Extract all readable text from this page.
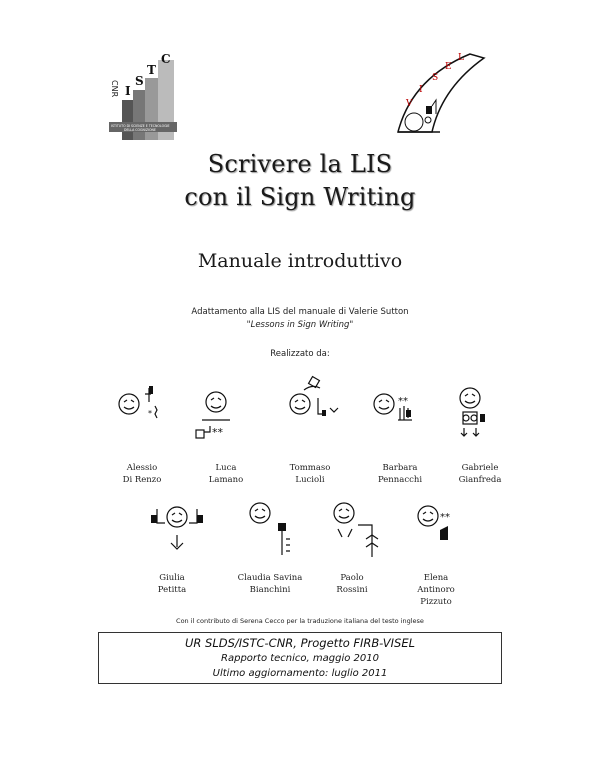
CNR I
S
T
C
ISTITUTO DI SCIENZE E TECNOLOGIE
DELLA COGNIZIONE
V
I
S
E
L
Scrivere la LIS
con il Sign Writing
Manuale introduttivo
Adattamento alla LIS del manuale di Valerie Sutton
"Lessons in Sign Writing"
Realizzato da:
*
**
**
Alessio
Di Renzo
Luca
Lamano
Tommaso
Lucioli
Barbara
Pennacchi
Gabriele
Gianfreda
**
Giulia
Petitta
Claudia Savina
Bianchini
Paolo
Rossini
Elena
Antinoro
Pizzuto
Con il contributo di Serena Cecco per la traduzione italiana del testo inglese
UR SLDS/ISTC-CNR, Progetto FIRB-VISEL
Rapporto tecnico, maggio 2010
Ultimo aggiornamento: luglio 2011
